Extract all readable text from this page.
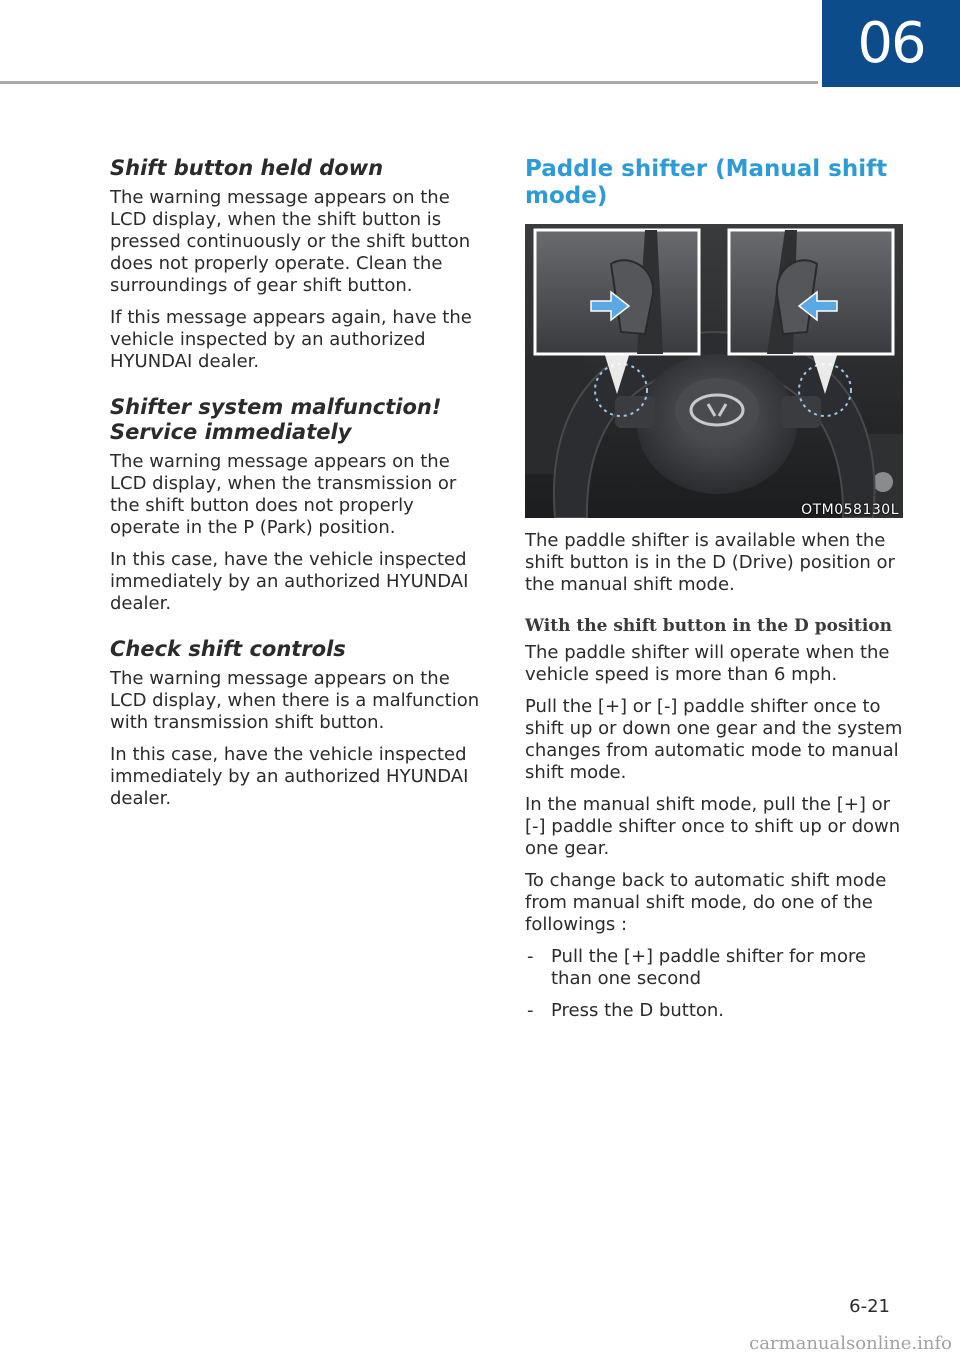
06
Shift button held down

The warning message appears on the LCD display, when the shift button is pressed continuously or the shift button does not properly operate. Clean the surroundings of gear shift button.

If this message appears again, have the vehicle inspected by an authorized HYUNDAI dealer.

Shifter system malfunction! Service immediately

The warning message appears on the LCD display, when the transmission or the shift button does not properly operate in the P (Park) position.

In this case, have the vehicle inspected immediately by an authorized HYUNDAI dealer.

Check shift controls

The warning message appears on the LCD display, when there is a malfunction with transmission shift button.

In this case, have the vehicle inspected immediately by an authorized HYUNDAI dealer.

Paddle shifter (Manual shift mode)
OTM058130L

The paddle shifter is available when the shift button is in the D (Drive) position or the manual shift mode.

With the shift button in the D position

The paddle shifter will operate when the vehicle speed is more than 6 mph.

Pull the [+] or [-] paddle shifter once to shift up or down one gear and the system changes from automatic mode to manual shift mode.

In the manual shift mode, pull the [+] or [-] paddle shifter once to shift up or down one gear.

To change back to automatic shift mode from manual shift mode, do one of the followings :

- Pull the [+] paddle shifter for more than one second
- Press the D button.
6-21
carmanualsonline.info
